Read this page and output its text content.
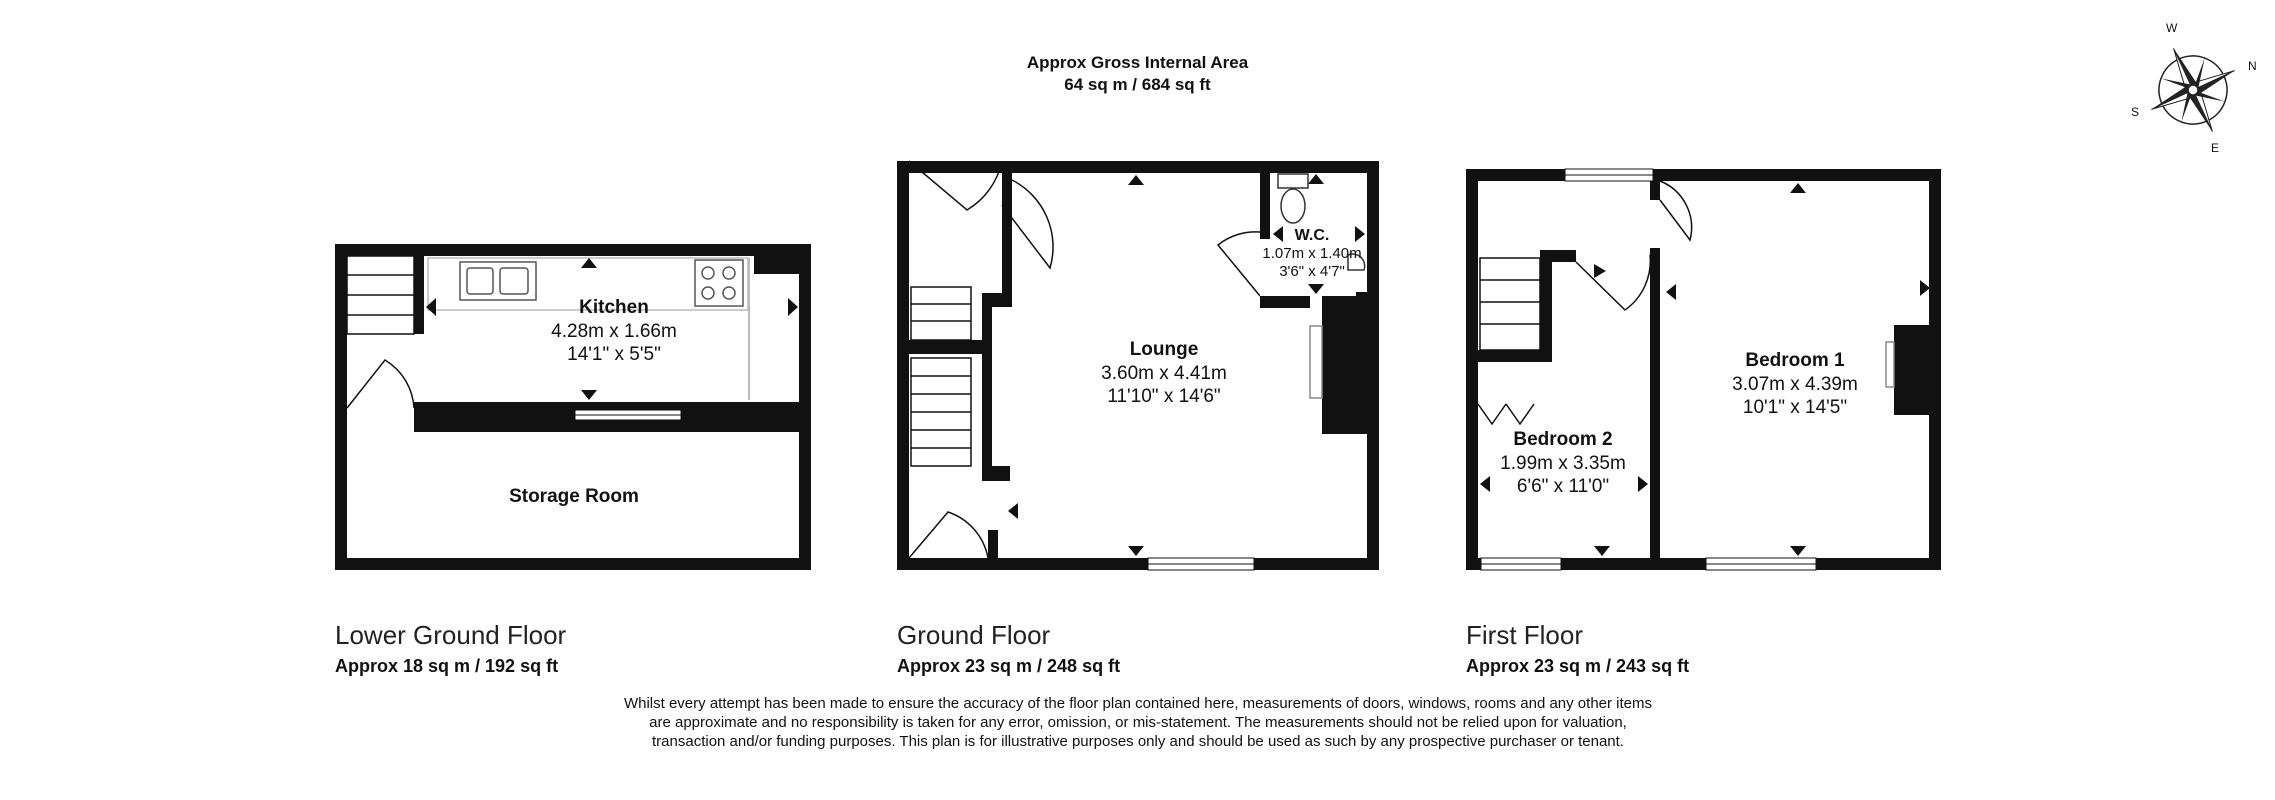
Approx Gross Internal Area
64 sq m / 684 sq ft
Kitchen
4.28m x 1.66m
14'1" x 5'5"
Storage Room
Lounge
3.60m x 4.41m
11'10" x 14'6"
W.C.
1.07m x 1.40m
3'6" x 4'7"
Bedroom 1
3.07m x 4.39m
10'1" x 14'5"
Bedroom 2
1.99m x 3.35m
6'6" x 11'0"
W
N
S
E
Lower Ground Floor
Approx 18 sq m / 192 sq ft
Ground Floor
Approx 23 sq m / 248 sq ft
First Floor
Approx 23 sq m / 243 sq ft
Whilst every attempt has been made to ensure the accuracy of the floor plan contained here, measurements of doors, windows, rooms and any other items are approximate and no responsibility is taken for any error, omission, or mis-statement. The measurements should not be relied upon for valuation, transaction and/or funding purposes. This plan is for illustrative purposes only and should be used as such by any prospective purchaser or tenant.
